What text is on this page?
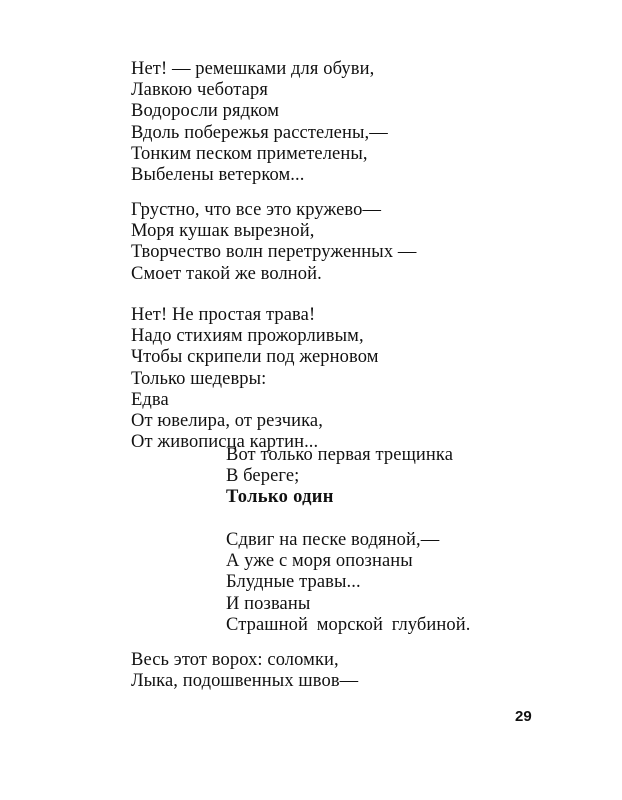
Нет! — ремешками для обуви,
Лавкою чеботаря
Водоросли рядком
Вдоль побережья расстелены,—
Тонким песком приметелены,
Выбелены ветерком...
Грустно, что все это кружево—
Моря кушак вырезной,
Творчество волн перетруженных —
Смоет такой же волной.
Нет! Не простая трава!
Надо стихиям прожорливым,
Чтобы скрипели под жерновом
Только шедевры:
Едва
От ювелира, от резчика,
От живописца картин...
Вот только первая трещинка
В береге;
Только один
Сдвиг на песке водяной,—
А уже с моря опознаны
Блудные травы...
И позваны
Страшной морской глубиной.
Весь этот ворох: соломки,
Лыка, подошвенных швов—
29
